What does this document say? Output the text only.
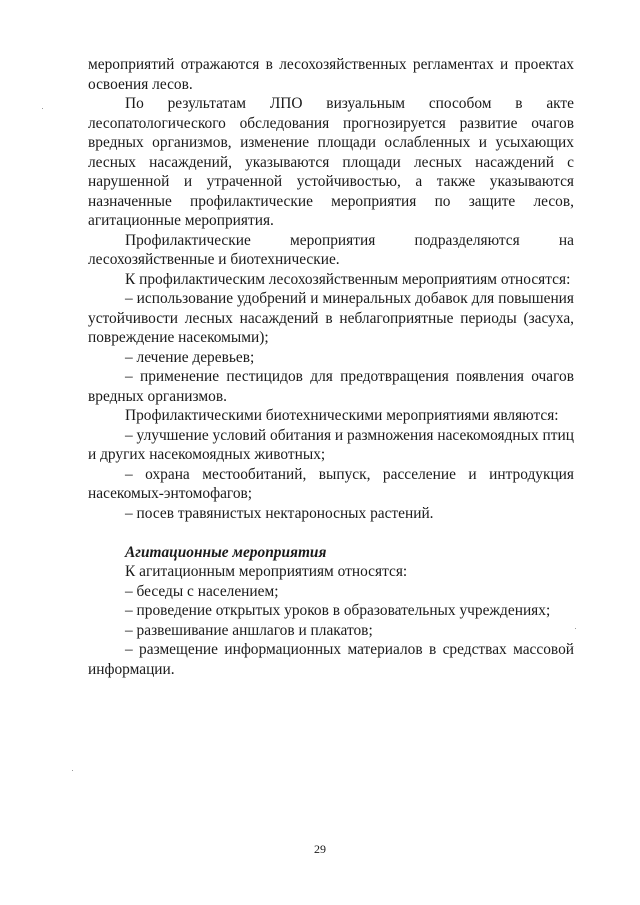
мероприятий отражаются в лесохозяйственных регламентах и проектах освоения лесов.

По результатам ЛПО визуальным способом в акте лесопатологического обследования прогнозируется развитие очагов вредных организмов, изменение площади ослабленных и усыхающих лесных насаждений, указываются площади лесных насаждений с нарушенной и утраченной устойчивостью, а также указываются назначенные профилактические мероприятия по защите лесов, агитационные мероприятия.

Профилактические мероприятия подразделяются на лесохозяйственные и биотехнические.

К профилактическим лесохозяйственным мероприятиям относятся:

– использование удобрений и минеральных добавок для повышения устойчивости лесных насаждений в неблагоприятные периоды (засуха, повреждение насекомыми);

– лечение деревьев;

– применение пестицидов для предотвращения появления очагов вредных организмов.

Профилактическими биотехническими мероприятиями являются:

– улучшение условий обитания и размножения насекомоядных птиц и других насекомоядных животных;

– охрана местообитаний, выпуск, расселение и интродукция насекомых-энтомофагов;

– посев травянистых нектароносных растений.

Агитационные мероприятия

К агитационным мероприятиям относятся:

– беседы с населением;

– проведение открытых уроков в образовательных учреждениях;

– развешивание аншлагов и плакатов;

– размещение информационных материалов в средствах массовой информации.

29
